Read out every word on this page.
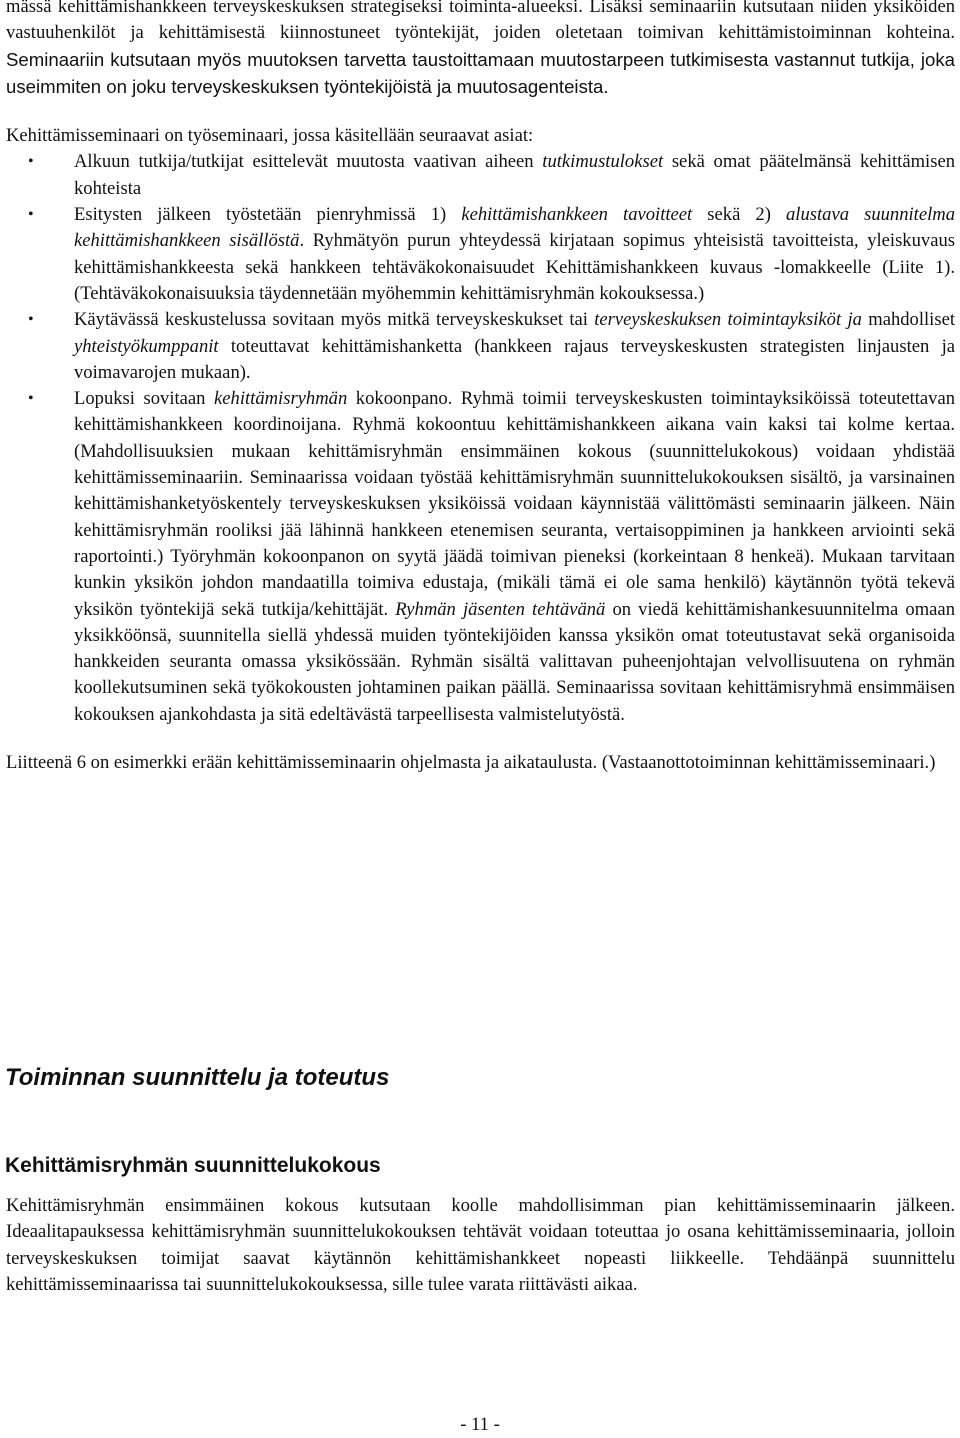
mässä kehittämishankkeen terveyskeskuksen strategiseksi toiminta-alueeksi. Lisäksi seminaariin kutsutaan niiden yksiköiden vastuuhenkilöt ja kehittämisestä kiinnostuneet työntekijät, joiden oletetaan toimivan kehittämistoiminnan kohteina. Seminaariin kutsutaan myös muutoksen tarvetta taustoittamaan muutostarpeen tutkimisesta vastannut tutkija, joka useimmiten on joku terveyskeskuksen työntekijöistä ja muutosagenteista.

Kehittämisseminaari on työseminaari, jossa käsitellään seuraavat asiat:

• Alkuun tutkija/tutkijat esittelevät muutosta vaativan aiheen tutkimustulokset sekä omat päätelmänsä kehittämisen kohteista
• Esitysten jälkeen työstetään pienryhmissä 1) kehittämishankkeen tavoitteet sekä 2) alustava suunnitelma kehittämishankkeen sisällöstä. Ryhmätyön purun yhteydessä kirjataan sopimus yhteisistä tavoitteista, yleiskuvaus kehittämishankkeesta sekä hankkeen tehtäväkokonaisuudet Kehittämishankkeen kuvaus -lomakkeelle (Liite 1). (Tehtäväkokonaisuuksia täydennetään myöhemmin kehittämisryhmän kokouksessa.)
• Käytävässä keskustelussa sovitaan myös mitkä terveyskeskukset tai terveyskeskuksen toimintayksiköt ja mahdolliset yhteistyökumppanit toteuttavat kehittämishanketta (hankkeen rajaus terveyskeskusten strategisten linjausten ja voimavarojen mukaan).
• Lopuksi sovitaan kehittämisryhmän kokoonpano. Ryhmä toimii terveyskeskusten toimintayksiköissä toteutettavan kehittämishankkeen koordinoijana. Ryhmä kokoontuu kehittämishankkeen aikana vain kaksi tai kolme kertaa. (Mahdollisuuksien mukaan kehittämisryhmän ensimmäinen kokous (suunnittelukokous) voidaan yhdistää kehittämisseminaariin. Seminaarissa voidaan työstää kehittämisryhmän suunnittelukokouksen sisältö, ja varsinainen kehittämishanketyöskentely terveyskeskuksen yksiköissä voidaan käynnistää välittömästi seminaarin jälkeen. Näin kehittämisryhmän rooliksi jää lähinnä hankkeen etenemisen seuranta, vertaisoppiminen ja hankkeen arviointi sekä raportointi.) Työryhmän kokoonpanon on syytä jäädä toimivan pieneksi (korkeintaan 8 henkeä). Mukaan tarvitaan kunkin yksikön johdon mandaatilla toimiva edustaja, (mikäli tämä ei ole sama henkilö) käytännön työtä tekevä yksikön työntekijä sekä tutkija/kehittäjät. Ryhmän jäsenten tehtävänä on viedä kehittämishankesuunnitelma omaan yksikköönsä, suunnitella siellä yhdessä muiden työntekijöiden kanssa yksikön omat toteutustavat sekä organisoida hankkeiden seuranta omassa yksikössään. Ryhmän sisältä valittavan puheenjohtajan velvollisuutena on ryhmän koollekutsuminen sekä työkokousten johtaminen paikan päällä. Seminaarissa sovitaan kehittämisryhmä ensimmäisen kokouksen ajankohdasta ja sitä edeltävästä tarpeellisesta valmistelutyöstä.

Liitteenä 6 on esimerkki erään kehittämisseminaarin ohjelmasta ja aikataulusta. (Vastaanottotoiminnan kehittämisseminaari.)

Toiminnan suunnittelu ja toteutus
Kehittämisryhmän suunnittelukokous

Kehittämisryhmän ensimmäinen kokous kutsutaan koolle mahdollisimman pian kehittämisseminaarin jälkeen. Ideaalitapauksessa kehittämisryhmän suunnittelukokouksen tehtävät voidaan toteuttaa jo osana kehittämisseminaaria, jolloin terveyskeskuksen toimijat saavat käytännön kehittämishankkeet nopeasti liikkeelle. Tehdäänpä suunnittelu kehittämisseminaarissa tai suunnittelukokouksessa, sille tulee varata riittävästi aikaa.

- 11 -
